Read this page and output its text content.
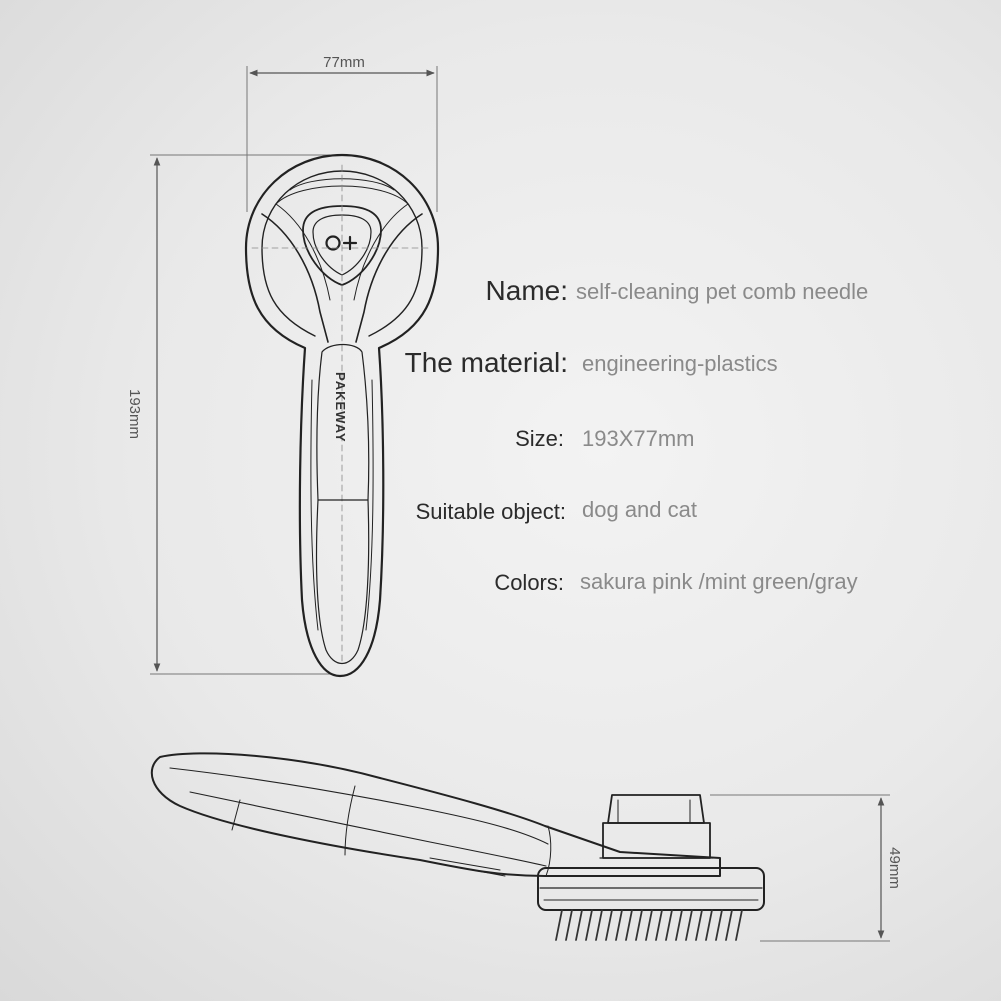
77mm
193mm	PAKEWAY
49mm
Name: self-cleaning pet comb needle
The material: engineering-plastics
Size: 193X77mm
Suitable object: dog and cat
Colors: sakura pink /mint green/gray
